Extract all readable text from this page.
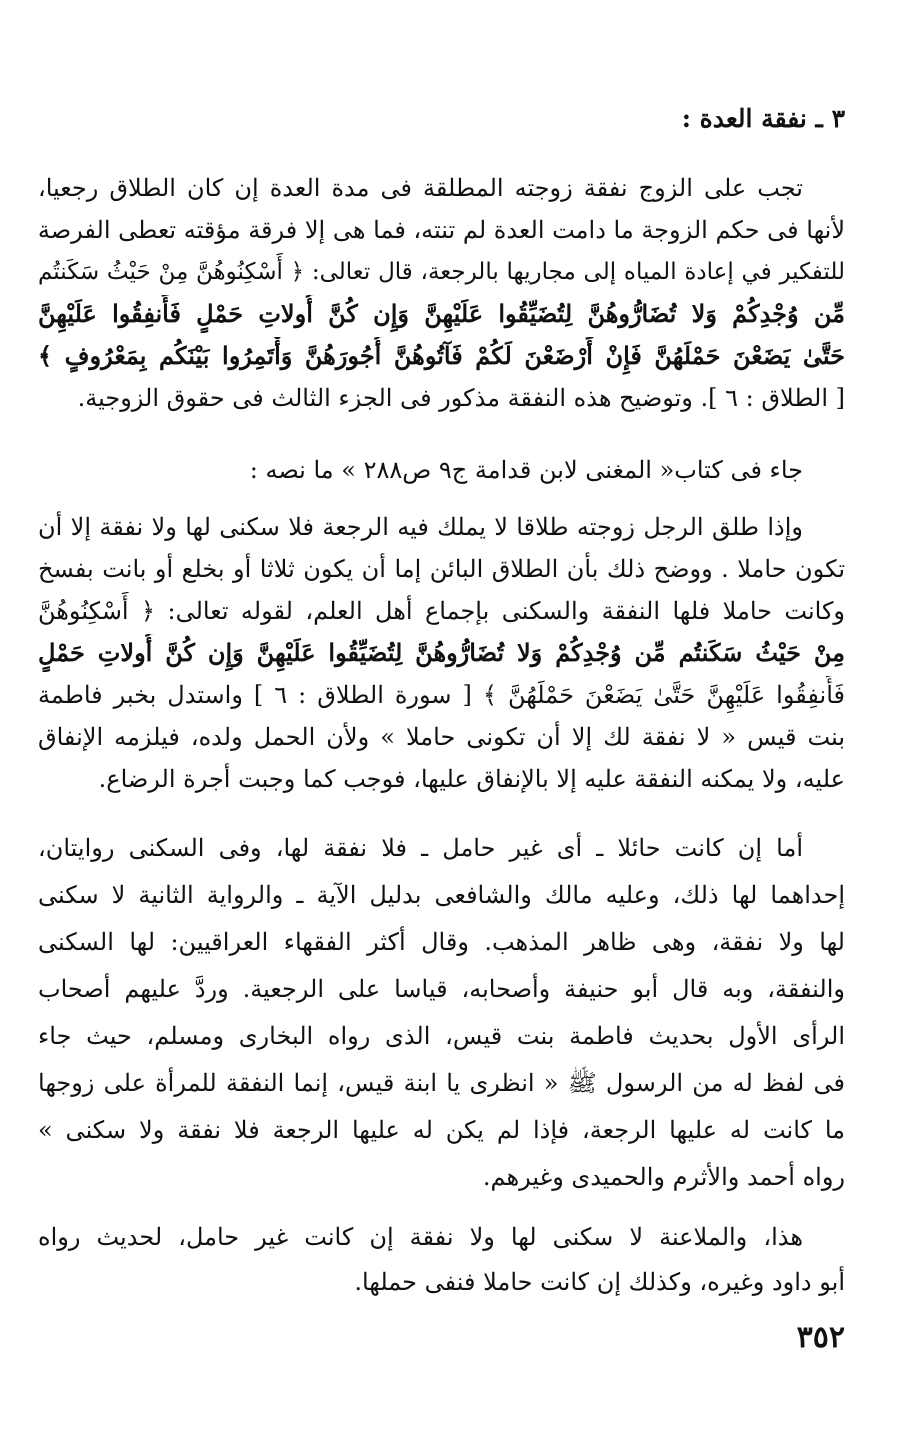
٣ ـ نفقة العدة :
تجب على الزوج نفقة زوجته المطلقة فى مدة العدة إن كان الطلاق رجعيا،
لأنها فى حكم الزوجة ما دامت العدة لم تنته، فما هى إلا فرقة مؤقته تعطى الفرصة
للتفكير في إعادة المياه إلى مجاريها بالرجعة، قال تعالى: ﴿ أَسْكِنُوهُنَّ مِنْ حَيْثُ سَكَنتُم
مِّن وُجْدِكُمْ وَلا تُضَارُّوهُنَّ لِتُضَيِّقُوا عَلَيْهِنَّ وَإِن كُنَّ أُولاتِ حَمْلٍ فَأَنفِقُوا عَلَيْهِنَّ
حَتَّىٰ يَضَعْنَ حَمْلَهُنَّ فَإِنْ أَرْضَعْنَ لَكُمْ فَآتُوهُنَّ أُجُورَهُنَّ وَأْتَمِرُوا بَيْنَكُم بِمَعْرُوفٍ ﴾
[ الطلاق : ٦ ]. وتوضيح هذه النفقة مذكور فى الجزء الثالث فى حقوق الزوجية.
جاء فى كتاب« المغنى لابن قدامة ج٩ ص٢٨٨ » ما نصه :
وإذا طلق الرجل زوجته طلاقا لا يملك فيه الرجعة فلا سكنى لها ولا نفقة إلا أن
تكون حاملا . ووضح ذلك بأن الطلاق البائن إما أن يكون ثلاثا أو بخلع أو بانت بفسخ
وكانت حاملا فلها النفقة والسكنى بإجماع أهل العلم، لقوله تعالى: ﴿ أَسْكِنُوهُنَّ
مِنْ حَيْثُ سَكَنتُم مِّن وُجْدِكُمْ وَلا تُضَارُّوهُنَّ لِتُضَيِّقُوا عَلَيْهِنَّ وَإِن كُنَّ أُولاتِ حَمْلٍ
فَأَنفِقُوا عَلَيْهِنَّ حَتَّىٰ يَضَعْنَ حَمْلَهُنَّ ﴾ [ سورة الطلاق : ٦ ] واستدل بخبر فاطمة
بنت قيس « لا نفقة لك إلا أن تكونى حاملا » ولأن الحمل ولده، فيلزمه الإنفاق
عليه، ولا يمكنه النفقة عليه إلا بالإنفاق عليها، فوجب كما وجبت أجرة الرضاع.
أما إن كانت حائلا ـ أى غير حامل ـ فلا نفقة لها، وفى السكنى روايتان،
إحداهما لها ذلك، وعليه مالك والشافعى بدليل الآية ـ والرواية الثانية لا سكنى
لها ولا نفقة، وهى ظاهر المذهب. وقال أكثر الفقهاء العراقيين: لها السكنى
والنفقة، وبه قال أبو حنيفة وأصحابه، قياسا على الرجعية. وردَّ عليهم أصحاب
الرأى الأول بحديث فاطمة بنت قيس، الذى رواه البخارى ومسلم، حيث جاء
فى لفظ له من الرسول ﷺ « انظرى يا ابنة قيس، إنما النفقة للمرأة على زوجها
ما كانت له عليها الرجعة، فإذا لم يكن له عليها الرجعة فلا نفقة ولا سكنى »
رواه أحمد والأثرم والحميدى وغيرهم.
هذا، والملاعنة لا سكنى لها ولا نفقة إن كانت غير حامل، لحديث رواه
أبو داود وغيره، وكذلك إن كانت حاملا فنفى حملها.
٣٥٢
